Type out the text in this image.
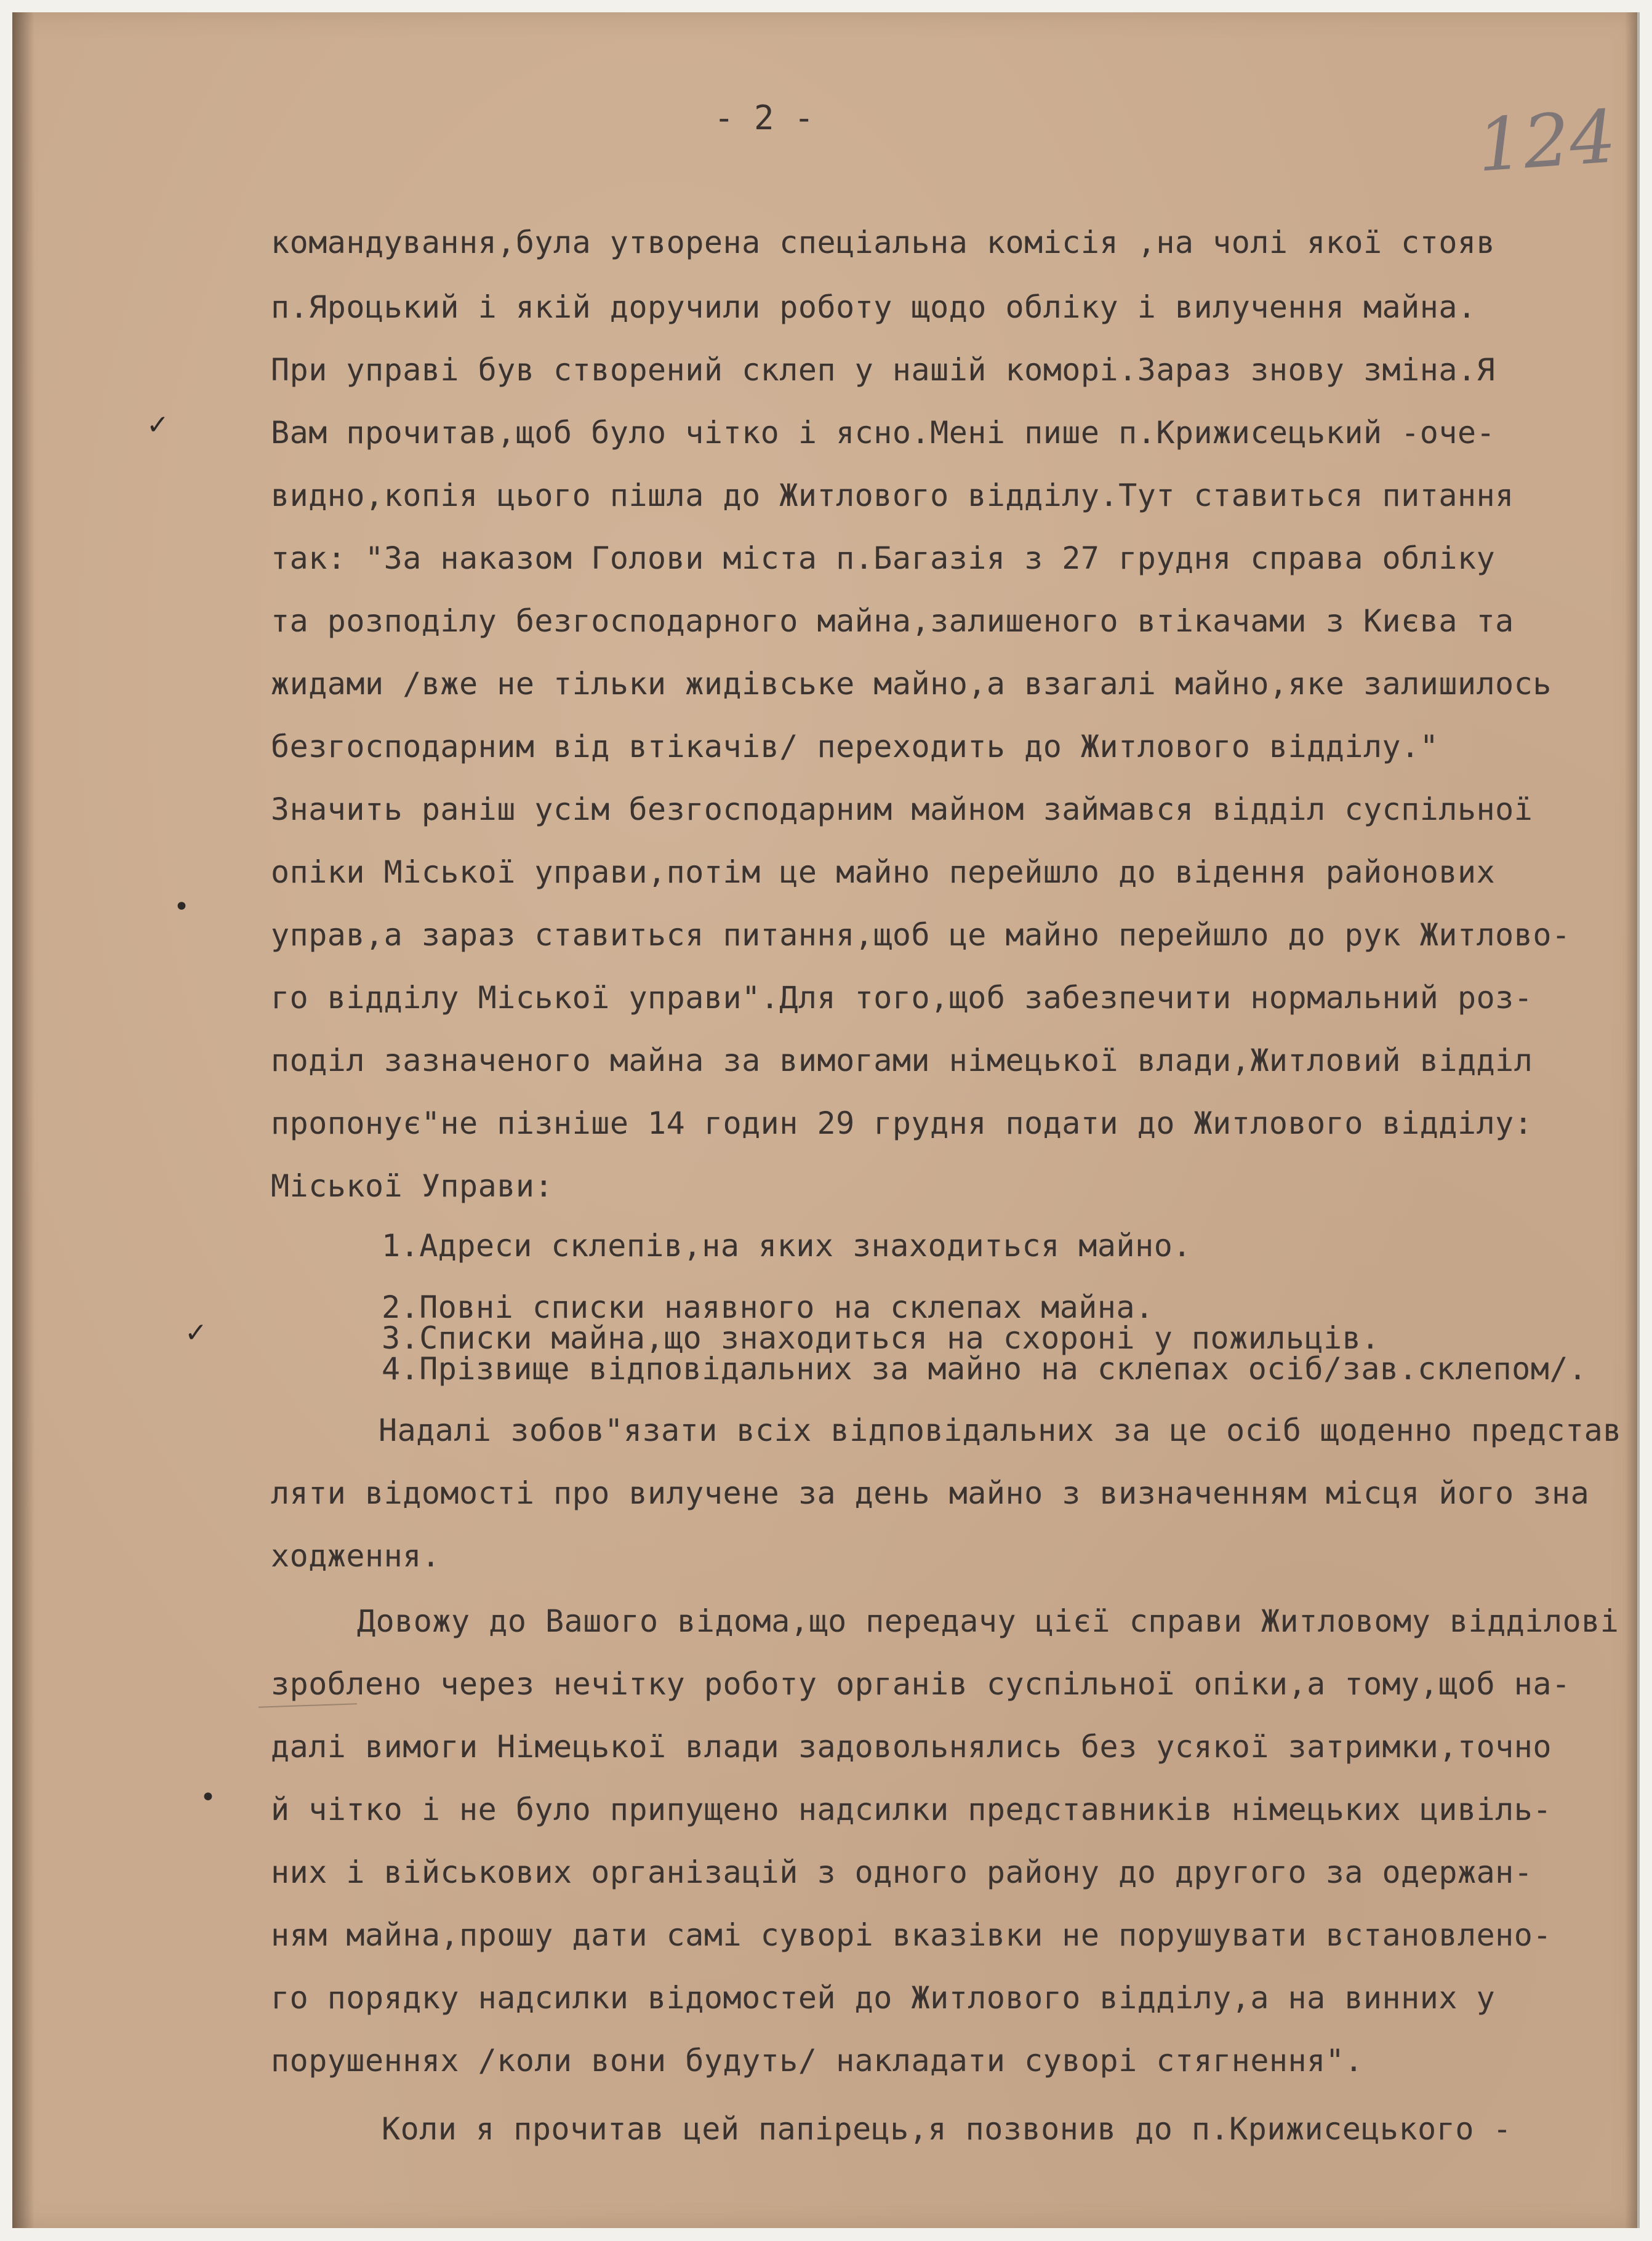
- 2 -	124
командування,була утворена спеціальна комісія ,на чолі якої стояв
п.Яроцький і якій доручили роботу щодо обліку і вилучення майна.
При управі був створений склеп у нашій коморі.Зараз знову зміна.Я
Вам прочитав,щоб було чітко і ясно.Мені пише п.Крижисецький -оче-
видно,копія цього пішла до Житлового відділу.Тут ставиться питання
так: "За наказом Голови міста п.Багазія з 27 грудня справа обліку
та розподілу безгосподарного майна,залишеного втікачами з Києва та
жидами /вже не тільки жидівське майно,а взагалі майно,яке залишилось
безгосподарним від втікачів/ переходить до Житлового відділу."
Значить раніш усім безгосподарним майном займався відділ суспільної
опіки Міської управи,потім це майно перейшло до відення районових
управ,а зараз ставиться питання,щоб це майно перейшло до рук Житлово-
го відділу Міської управи".Для того,щоб забезпечити нормальний роз-
поділ зазначеного майна за вимогами німецької влади,Житловий відділ
пропонує"не пізніше 14 годин 29 грудня подати до Житлового відділу:
Міської Управи:
1.Адреси склепів,на яких знаходиться майно.
2.Повні списки наявного на склепах майна.
3.Списки майна,що знаходиться на схороні у пожильців.
4.Прізвище відповідальних за майно на склепах осіб/зав.склепом/.
Надалі зобов"язати всіх відповідальних за це осіб щоденно представ
ляти відомості про вилучене за день майно з визначенням місця його зна
ходження.
Довожу до Вашого відома,що передачу цієї справи Житловому відділові
зроблено через нечітку роботу органів суспільної опіки,а тому,щоб на-
далі вимоги Німецької влади задовольнялись без усякої затримки,точно
й чітко і не було припущено надсилки представників німецьких цивіль-
них і військових організацій з одного району до другого за одержан-
ням майна,прошу дати самі суворі вказівки не порушувати встановлено-
го порядку надсилки відомостей до Житлового відділу,а на винних у
порушеннях /коли вони будуть/ накладати суворі стягнення".
Коли я прочитав цей папірець,я позвонив до п.Крижисецького -
✓
•
✓
•
